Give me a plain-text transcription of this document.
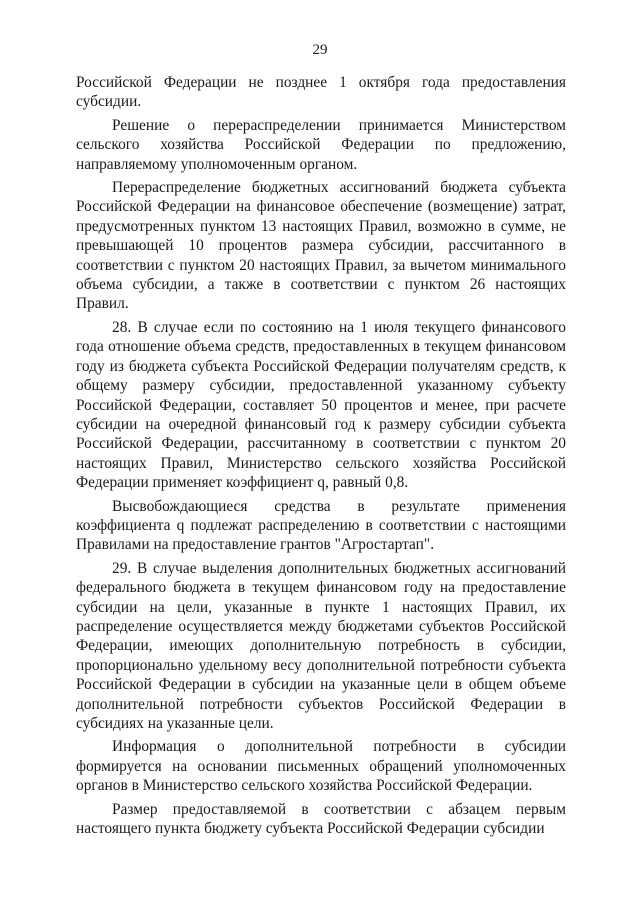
29

Российской Федерации не позднее 1 октября года предоставления субсидии.

Решение о перераспределении принимается Министерством сельского хозяйства Российской Федерации по предложению, направляемому уполномоченным органом.

Перераспределение бюджетных ассигнований бюджета субъекта Российской Федерации на финансовое обеспечение (возмещение) затрат, предусмотренных пунктом 13 настоящих Правил, возможно в сумме, не превышающей 10 процентов размера субсидии, рассчитанного в соответствии с пунктом 20 настоящих Правил, за вычетом минимального объема субсидии, а также в соответствии с пунктом 26 настоящих Правил.

28. В случае если по состоянию на 1 июля текущего финансового года отношение объема средств, предоставленных в текущем финансовом году из бюджета субъекта Российской Федерации получателям средств, к общему размеру субсидии, предоставленной указанному субъекту Российской Федерации, составляет 50 процентов и менее, при расчете субсидии на очередной финансовый год к размеру субсидии субъекта Российской Федерации, рассчитанному в соответствии с пунктом 20 настоящих Правил, Министерство сельского хозяйства Российской Федерации применяет коэффициент q, равный 0,8.

Высвобождающиеся средства в результате применения коэффициента q подлежат распределению в соответствии с настоящими Правилами на предоставление грантов "Агростартап".

29. В случае выделения дополнительных бюджетных ассигнований федерального бюджета в текущем финансовом году на предоставление субсидии на цели, указанные в пункте 1 настоящих Правил, их распределение осуществляется между бюджетами субъектов Российской Федерации, имеющих дополнительную потребность в субсидии, пропорционально удельному весу дополнительной потребности субъекта Российской Федерации в субсидии на указанные цели в общем объеме дополнительной потребности субъектов Российской Федерации в субсидиях на указанные цели.

Информация о дополнительной потребности в субсидии формируется на основании письменных обращений уполномоченных органов в Министерство сельского хозяйства Российской Федерации.

Размер предоставляемой в соответствии с абзацем первым настоящего пункта бюджету субъекта Российской Федерации субсидии
